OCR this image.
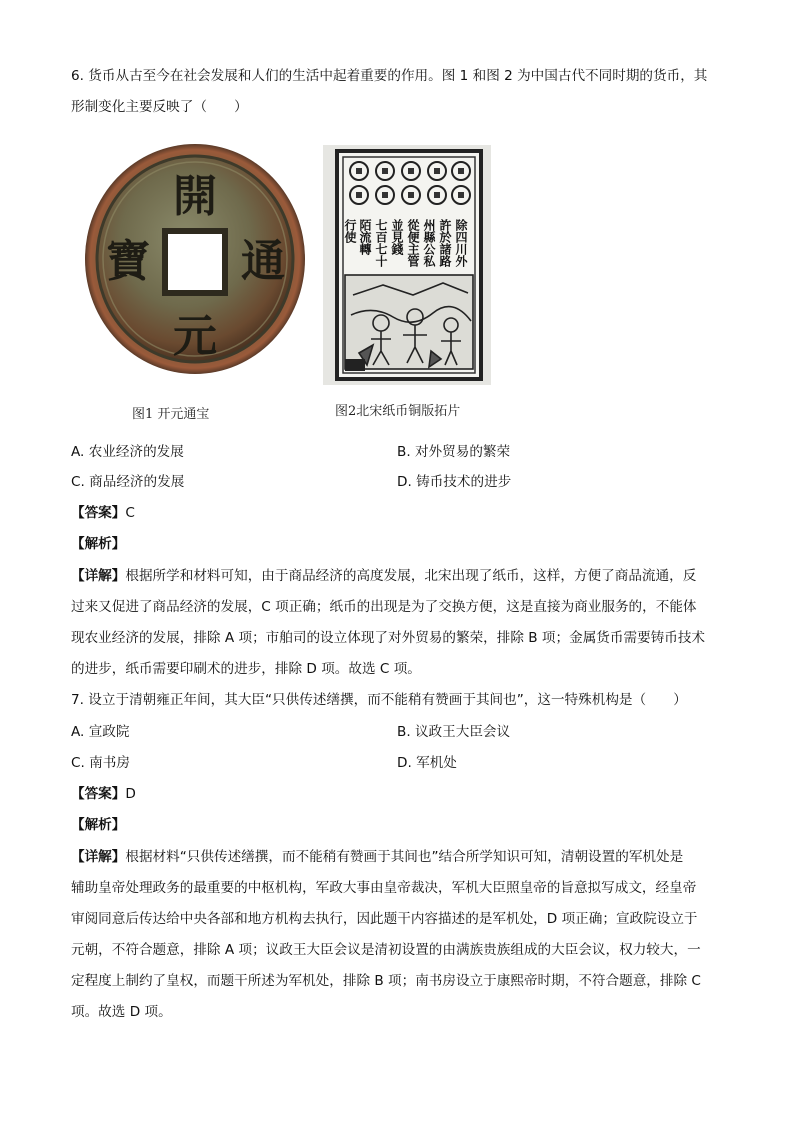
6. 货币从古至今在社会发展和人们的生活中起着重要的作用。图 1 和图 2 为中国古代不同时期的货币，其
形制变化主要反映了（　　）
開
通
元
寶
图1 开元通宝
除四川外
許於諸路
州縣公私
從便主管
並見錢
七百七十
陌流轉
行使
图2北宋纸币铜版拓片
A. 农业经济的发展	B. 对外贸易的繁荣
C. 商品经济的发展	D. 铸币技术的进步
【答案】C
【解析】
【详解】根据所学和材料可知，由于商品经济的高度发展，北宋出现了纸币，这样，方便了商品流通，反
过来又促进了商品经济的发展，C 项正确；纸币的出现是为了交换方便，这是直接为商业服务的，不能体
现农业经济的发展，排除 A 项；市舶司的设立体现了对外贸易的繁荣，排除 B 项；金属货币需要铸币技术
的进步，纸币需要印刷术的进步，排除 D 项。故选 C 项。
7. 设立于清朝雍正年间，其大臣“只供传述缮撰，而不能稍有赞画于其间也”，这一特殊机构是（　　）
A. 宣政院	B. 议政王大臣会议
C. 南书房	D. 军机处
【答案】D
【解析】
【详解】根据材料“只供传述缮撰，而不能稍有赞画于其间也”结合所学知识可知，清朝设置的军机处是
辅助皇帝处理政务的最重要的中枢机构，军政大事由皇帝裁决，军机大臣照皇帝的旨意拟写成文，经皇帝
审阅同意后传达给中央各部和地方机构去执行，因此题干内容描述的是军机处，D 项正确；宣政院设立于
元朝，不符合题意，排除 A 项；议政王大臣会议是清初设置的由满族贵族组成的大臣会议，权力较大，一
定程度上制约了皇权，而题干所述为军机处，排除 B 项；南书房设立于康熙帝时期，不符合题意，排除 C
项。故选 D 项。
